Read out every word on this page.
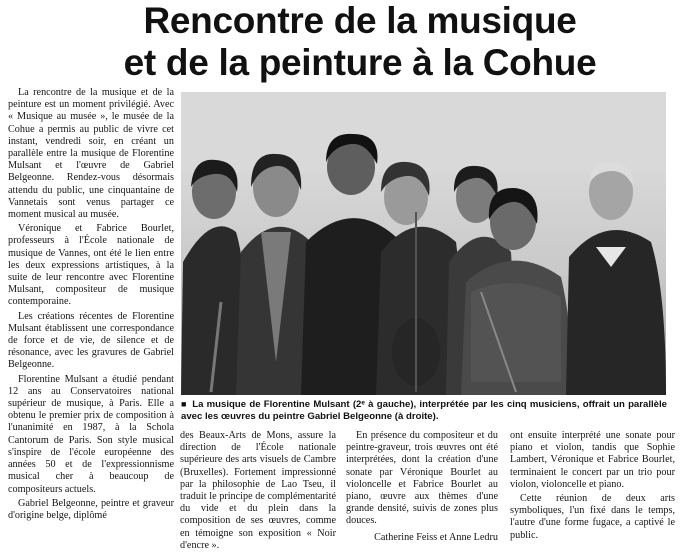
Rencontre de la musique
et de la peinture à la Cohue

La rencontre de la musique et de la peinture est un moment privilégié. Avec « Musique au musée », le musée de la Cohue a permis au public de vivre cet instant, vendredi soir, en créant un parallèle entre la musique de Florentine Mulsant et l'œuvre de Gabriel Belgeonne. Rendez-vous désormais attendu du public, une cinquantaine de Vannetais sont venus partager ce moment musical au musée.

Véronique et Fabrice Bourlet, professeurs à l'École nationale de musique de Vannes, ont été le lien entre les deux expressions artistiques, à la suite de leur rencontre avec Florentine Mulsant, compositeur de musique contemporaine.

Les créations récentes de Florentine Mulsant établissent une correspondance de force et de vie, de silence et de résonance, avec les gravures de Gabriel Belgeonne.

Florentine Mulsant a étudié pendant 12 ans au Conservatoires national supérieur de musique, à Paris. Elle a obtenu le premier prix de composition à l'unanimité en 1987, à la Schola Cantorum de Paris. Son style musical s'inspire de l'école européenne des années 50 et de l'expressionnisme musical cher à beaucoup de compositeurs actuels.

Gabriel Belgeonne, peintre et graveur d'origine belge, diplômé

■ La musique de Florentine Mulsant (2ᵉ à gauche), interprétée par les cinq musiciens, offrait un parallèle avec les œuvres du peintre Gabriel Belgeonne (à droite).

des Beaux-Arts de Mons, assure la direction de l'École nationale supérieure des arts visuels de Cambre (Bruxelles). Fortement impressionné par la philosophie de Lao Tseu, il traduit le principe de complémentarité du vide et du plein dans la composition de ses œuvres, comme en témoigne son exposition « Noir d'encre ».

En présence du compositeur et du peintre-graveur, trois œuvres ont été interprétées, dont la création d'une sonate par Véronique Bourlet au violoncelle et Fabrice Bourlet au piano, œuvre aux thèmes d'une grande densité, suivis de zones plus douces.

Catherine Feiss et Anne Ledru

ont ensuite interprété une sonate pour piano et violon, tandis que Sophie Lambert, Véronique et Fabrice Bourlet, terminaient le concert par un trio pour violon, violoncelle et piano.

Cette réunion de deux arts symboliques, l'un fixé dans le temps, l'autre d'une forme fugace, a captivé le public.
